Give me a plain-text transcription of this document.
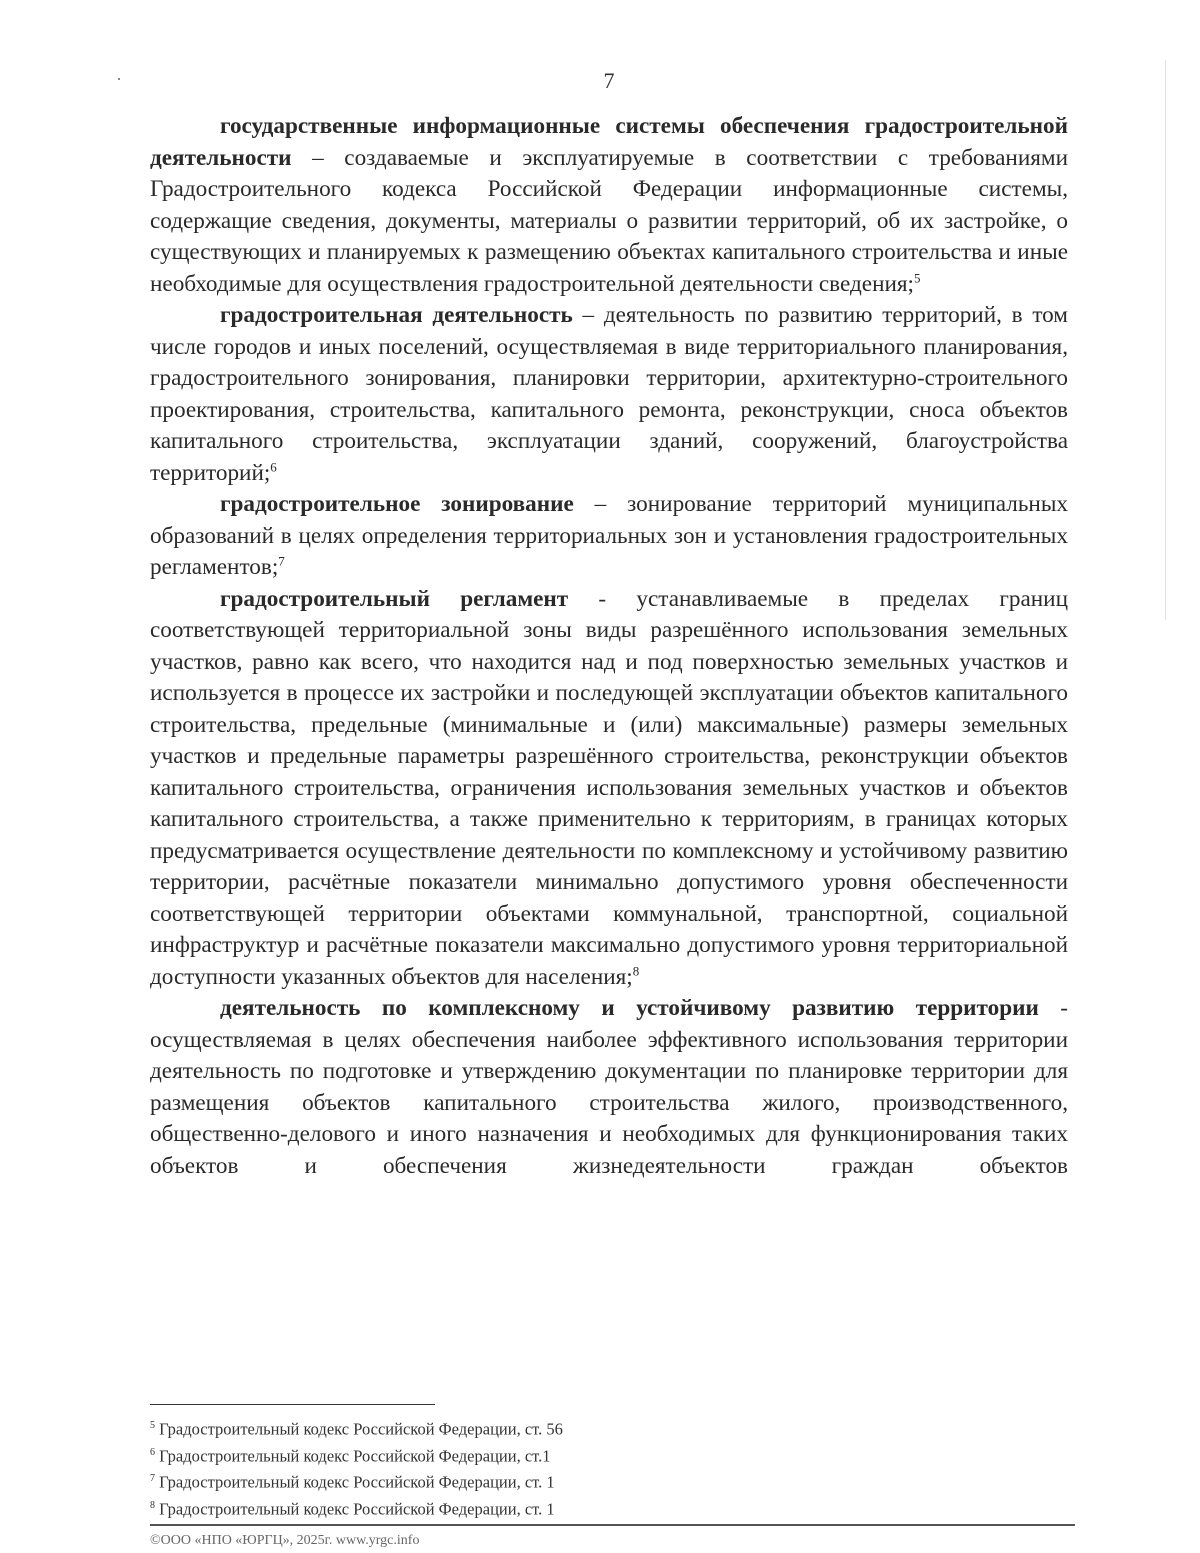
7

государственные информационные системы обеспечения градостроительной деятельности – создаваемые и эксплуатируемые в соответствии с требованиями Градостроительного кодекса Российской Федерации информационные системы, содержащие сведения, документы, материалы о развитии территорий, об их застройке, о существующих и планируемых к размещению объектах капитального строительства и иные необходимые для осуществления градостроительной деятельности сведения;$^5$

градостроительная деятельность – деятельность по развитию территорий, в том числе городов и иных поселений, осуществляемая в виде территориального планирования, градостроительного зонирования, планировки территории, архитектурно-строительного проектирования, строительства, капитального ремонта, реконструкции, сноса объектов капитального строительства, эксплуатации зданий, сооружений, благоустройства территорий;$^6$

градостроительное зонирование – зонирование территорий муниципальных образований в целях определения территориальных зон и установления градостроительных регламентов;$^7$

градостроительный регламент - устанавливаемые в пределах границ соответствующей территориальной зоны виды разрешённого использования земельных участков, равно как всего, что находится над и под поверхностью земельных участков и используется в процессе их застройки и последующей эксплуатации объектов капитального строительства, предельные (минимальные и (или) максимальные) размеры земельных участков и предельные параметры разрешённого строительства, реконструкции объектов капитального строительства, ограничения использования земельных участков и объектов капитального строительства, а также применительно к территориям, в границах которых предусматривается осуществление деятельности по комплексному и устойчивому развитию территории, расчётные показатели минимально допустимого уровня обеспеченности соответствующей территории объектами коммунальной, транспортной, социальной инфраструктур и расчётные показатели максимально допустимого уровня территориальной доступности указанных объектов для населения;$^8$

деятельность по комплексному и устойчивому развитию территории - осуществляемая в целях обеспечения наиболее эффективного использования территории деятельность по подготовке и утверждению документации по планировке территории для размещения объектов капитального строительства жилого, производственного, общественно-делового и иного назначения и необходимых для функционирования таких объектов и обеспечения жизнедеятельности граждан объектов

$^5$ Градостроительный кодекс Российской Федерации, ст. 56

$^6$ Градостроительный кодекс Российской Федерации, ст.1

$^7$ Градостроительный кодекс Российской Федерации, ст. 1

$^8$ Градостроительный кодекс Российской Федерации, ст. 1

©ООО «НПО «ЮРГЦ», 2025г. www.yrgc.info
